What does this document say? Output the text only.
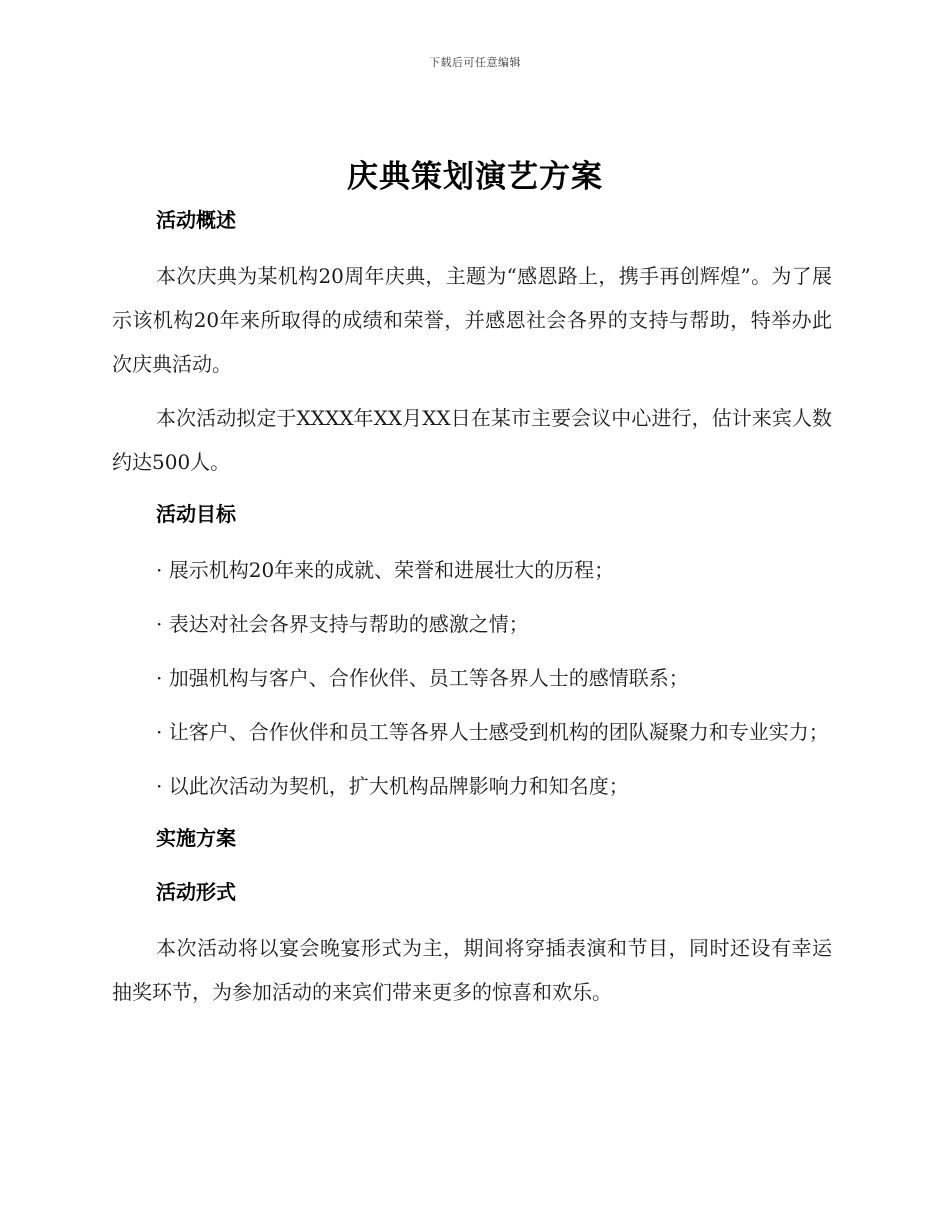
下载后可任意编辑
庆典策划演艺方案

活动概述

本次庆典为某机构20周年庆典，主题为“感恩路上，携手再创辉煌”。为了展示该机构20年来所取得的成绩和荣誉，并感恩社会各界的支持与帮助，特举办此次庆典活动。

本次活动拟定于XXXX年XX月XX日在某市主要会议中心进行，估计来宾人数约达500人。

活动目标

· 展示机构20年来的成就、荣誉和进展壮大的历程；

· 表达对社会各界支持与帮助的感激之情；

· 加强机构与客户、合作伙伴、员工等各界人士的感情联系；

· 让客户、合作伙伴和员工等各界人士感受到机构的团队凝聚力和专业实力；

· 以此次活动为契机，扩大机构品牌影响力和知名度；

实施方案

活动形式

本次活动将以宴会晚宴形式为主，期间将穿插表演和节目，同时还设有幸运抽奖环节，为参加活动的来宾们带来更多的惊喜和欢乐。
